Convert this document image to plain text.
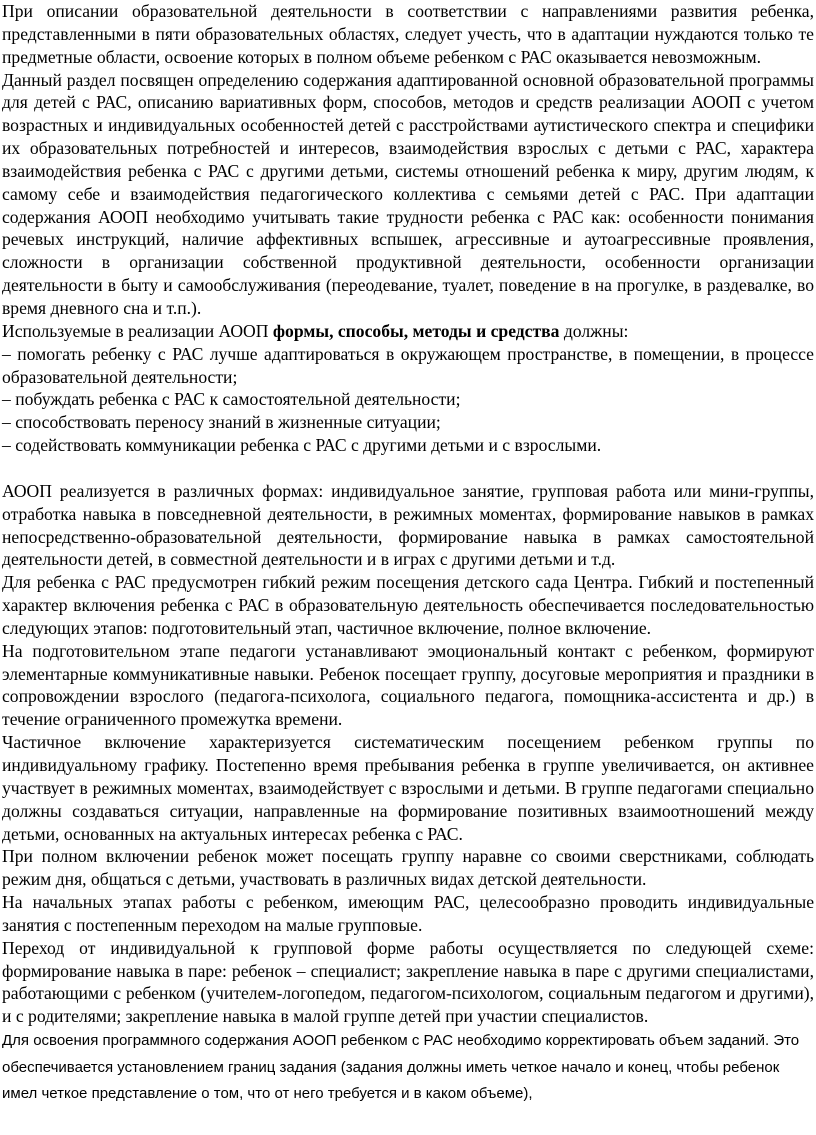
При описании образовательной деятельности в соответствии с направлениями развития ребенка, представленными в пяти образовательных областях, следует учесть, что в адаптации нуждаются только те предметные области, освоение которых в полном объеме ребенком с РАС оказывается невозможным.

Данный раздел посвящен определению содержания адаптированной основной образовательной программы для детей с РАС, описанию вариативных форм, способов, методов и средств реализации АООП с учетом возрастных и индивидуальных особенностей детей с расстройствами аутистического спектра и специфики их образовательных потребностей и интересов, взаимодействия взрослых с детьми с РАС, характера взаимодействия ребенка с РАС с другими детьми, системы отношений ребенка к миру, другим людям, к самому себе и взаимодействия педагогического коллектива с семьями детей с РАС. При адаптации содержания АООП необходимо учитывать такие трудности ребенка с РАС как: особенности понимания речевых инструкций, наличие аффективных вспышек, агрессивные и аутоагрессивные проявления, сложности в организации собственной продуктивной деятельности, особенности организации деятельности в быту и самообслуживания (переодевание, туалет, поведение в на прогулке, в раздевалке, во время дневного сна и т.п.).

Используемые в реализации АООП формы, способы, методы и средства должны:

– помогать ребенку с РАС лучше адаптироваться в окружающем пространстве, в помещении, в процессе образовательной деятельности;

– побуждать ребенка с РАС к самостоятельной деятельности;

– способствовать переносу знаний в жизненные ситуации;

– содействовать коммуникации ребенка с РАС с другими детьми и с взрослыми.

АООП реализуется в различных формах: индивидуальное занятие, групповая работа или мини-группы, отработка навыка в повседневной деятельности, в режимных моментах, формирование навыков в рамках непосредственно-образовательной деятельности, формирование навыка в рамках самостоятельной деятельности детей, в совместной деятельности и в играх с другими детьми и т.д.

Для ребенка с РАС предусмотрен гибкий режим посещения детского сада Центра. Гибкий и постепенный характер включения ребенка с РАС в образовательную деятельность обеспечивается последовательностью следующих этапов: подготовительный этап, частичное включение, полное включение.

На подготовительном этапе педагоги устанавливают эмоциональный контакт с ребенком, формируют элементарные коммуникативные навыки. Ребенок посещает группу, досуговые мероприятия и праздники в сопровождении взрослого (педагога-психолога, социального педагога, помощника-ассистента и др.) в течение ограниченного промежутка времени.

Частичное включение характеризуется систематическим посещением ребенком группы по индивидуальному графику. Постепенно время пребывания ребенка в группе увеличивается, он активнее участвует в режимных моментах, взаимодействует с взрослыми и детьми. В группе педагогами специально должны создаваться ситуации, направленные на формирование позитивных взаимоотношений между детьми, основанных на актуальных интересах ребенка с РАС.

При полном включении ребенок может посещать группу наравне со своими сверстниками, соблюдать режим дня, общаться с детьми, участвовать в различных видах детской деятельности.

На начальных этапах работы с ребенком, имеющим РАС, целесообразно проводить индивидуальные занятия с постепенным переходом на малые групповые.

Переход от индивидуальной к групповой форме работы осуществляется по следующей схеме: формирование навыка в паре: ребенок – специалист; закрепление навыка в паре с другими специалистами, работающими с ребенком (учителем-логопедом, педагогом-психологом, социальным педагогом и другими), и с родителями; закрепление навыка в малой группе детей при участии специалистов.

Для освоения программного содержания АООП ребенком с РАС необходимо корректировать объем заданий. Это обеспечивается установлением границ задания (задания должны иметь четкое начало и конец, чтобы ребенок имел четкое представление о том, что от него требуется и в каком объеме),
